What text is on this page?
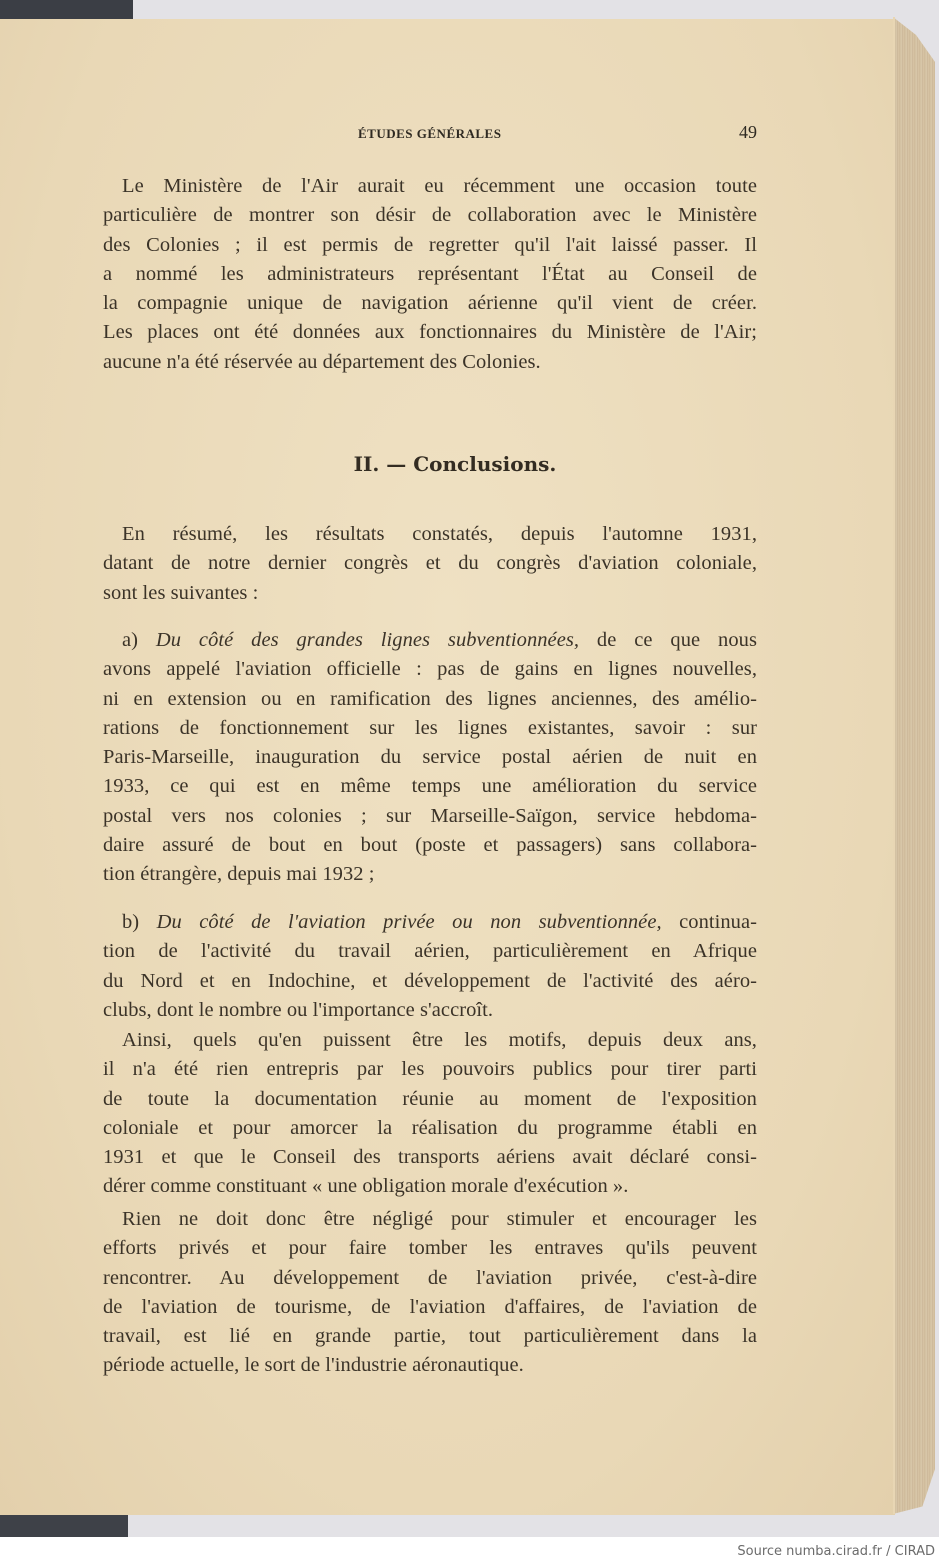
ÉTUDES GÉNÉRALES	49
Le Ministère de l'Air aurait eu récemment une occasion toute
particulière de montrer son désir de collaboration avec le Ministère
des Colonies ; il est permis de regretter qu'il l'ait laissé passer. Il
a nommé les administrateurs représentant l'État au Conseil de
la compagnie unique de navigation aérienne qu'il vient de créer.
Les places ont été données aux fonctionnaires du Ministère de l'Air;
aucune n'a été réservée au département des Colonies.
II. — Conclusions.
En résumé, les résultats constatés, depuis l'automne 1931,
datant de notre dernier congrès et du congrès d'aviation coloniale,
sont les suivantes :
a) Du côté des grandes lignes subventionnées, de ce que nous
avons appelé l'aviation officielle : pas de gains en lignes nouvelles,
ni en extension ou en ramification des lignes anciennes, des amélio-
rations de fonctionnement sur les lignes existantes, savoir : sur
Paris-Marseille, inauguration du service postal aérien de nuit en
1933, ce qui est en même temps une amélioration du service
postal vers nos colonies ; sur Marseille-Saïgon, service hebdoma-
daire assuré de bout en bout (poste et passagers) sans collabora-
tion étrangère, depuis mai 1932 ;
b) Du côté de l'aviation privée ou non subventionnée, continua-
tion de l'activité du travail aérien, particulièrement en Afrique
du Nord et en Indochine, et développement de l'activité des aéro-
clubs, dont le nombre ou l'importance s'accroît.
Ainsi, quels qu'en puissent être les motifs, depuis deux ans,
il n'a été rien entrepris par les pouvoirs publics pour tirer parti
de toute la documentation réunie au moment de l'exposition
coloniale et pour amorcer la réalisation du programme établi en
1931 et que le Conseil des transports aériens avait déclaré consi-
dérer comme constituant « une obligation morale d'exécution ».
Rien ne doit donc être négligé pour stimuler et encourager les
efforts privés et pour faire tomber les entraves qu'ils peuvent
rencontrer. Au développement de l'aviation privée, c'est-à-dire
de l'aviation de tourisme, de l'aviation d'affaires, de l'aviation de
travail, est lié en grande partie, tout particulièrement dans la
période actuelle, le sort de l'industrie aéronautique.
Source numba.cirad.fr / CIRAD
